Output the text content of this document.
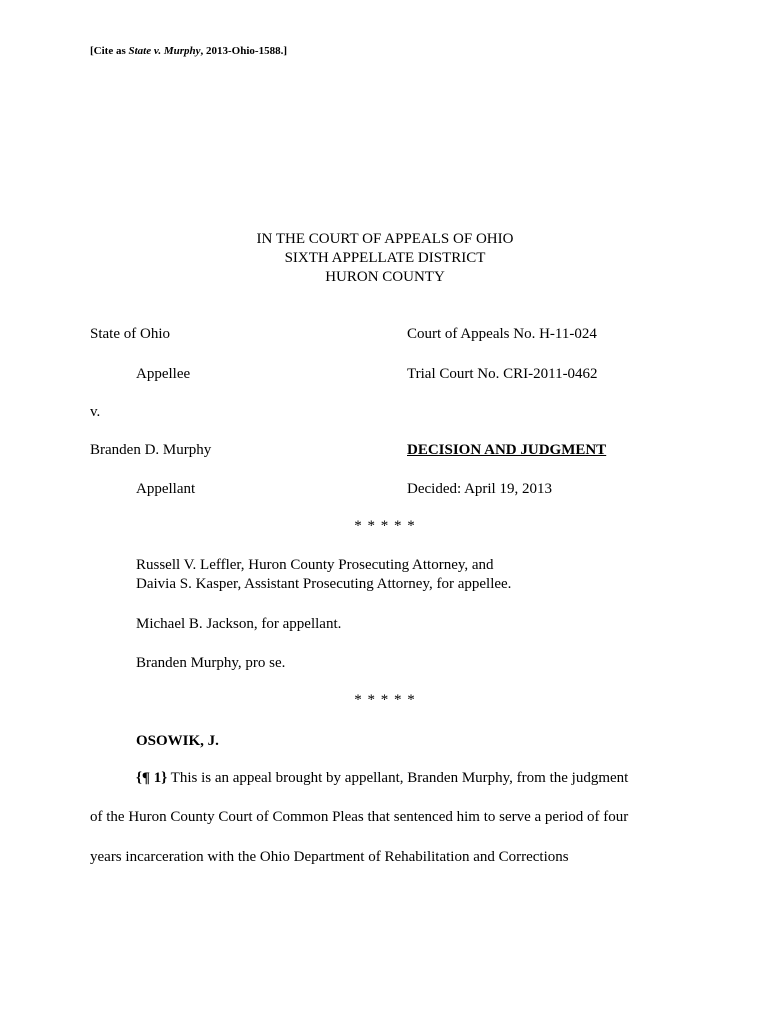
[Cite as State v. Murphy, 2013-Ohio-1588.]
IN THE COURT OF APPEALS OF OHIO
SIXTH APPELLATE DISTRICT
HURON COUNTY
State of Ohio	Court of Appeals No. H-11-024
Appellee	Trial Court No. CRI-2011-0462
v.
Branden D. Murphy	DECISION AND JUDGMENT
Appellant	Decided: April 19, 2013
* * * * *
Russell V. Leffler, Huron County Prosecuting Attorney, and
Daivia S. Kasper, Assistant Prosecuting Attorney, for appellee.
Michael B. Jackson, for appellant.
Branden Murphy, pro se.
* * * * *
OSOWIK, J.
{¶ 1} This is an appeal brought by appellant, Branden Murphy, from the judgment
of the Huron County Court of Common Pleas that sentenced him to serve a period of four
years incarceration with the Ohio Department of Rehabilitation and Corrections
